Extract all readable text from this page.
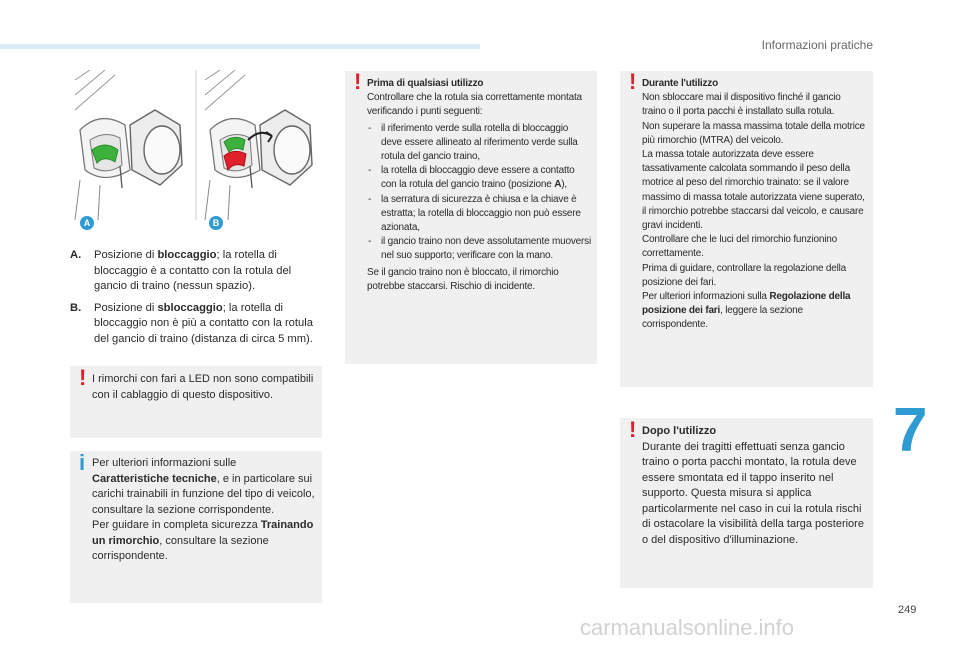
Informazioni pratiche
7
249
carmanualsonline.info
A	B
A.	Posizione di bloccaggio; la rotella di bloccaggio è a contatto con la rotula del gancio di traino (nessun spazio).
B.	Posizione di sbloccaggio; la rotella di bloccaggio non è più a contatto con la rotula del gancio di traino (distanza di circa 5 mm).
! I rimorchi con fari a LED non sono compatibili con il cablaggio di questo dispositivo.

i Per ulteriori informazioni sulle Caratteristiche tecniche, e in particolare sui carichi trainabili in funzione del tipo di veicolo, consultare la sezione corrispondente.

Per guidare in completa sicurezza Trainando un rimorchio, consultare la sezione corrispondente.

! Prima di qualsiasi utilizzo

Controllare che la rotula sia correttamente montata verificando i punti seguenti:

- il riferimento verde sulla rotella di bloccaggio deve essere allineato al riferimento verde sulla rotula del gancio traino,
- la rotella di bloccaggio deve essere a contatto con la rotula del gancio traino (posizione A),
- la serratura di sicurezza è chiusa e la chiave è estratta; la rotella di bloccaggio non può essere azionata,
- il gancio traino non deve assolutamente muoversi nel suo supporto; verificare con la mano.

Se il gancio traino non è bloccato, il rimorchio potrebbe staccarsi. Rischio di incidente.

! Durante l'utilizzo

Non sbloccare mai il dispositivo finché il gancio traino o il porta pacchi è installato sulla rotula.

Non superare la massa massima totale della motrice più rimorchio (MTRA) del veicolo.

La massa totale autorizzata deve essere tassativamente calcolata sommando il peso della motrice al peso del rimorchio trainato: se il valore massimo di massa totale autorizzata viene superato, il rimorchio potrebbe staccarsi dal veicolo, e causare gravi incidenti.

Controllare che le luci del rimorchio funzionino correttamente.

Prima di guidare, controllare la regolazione della posizione dei fari.

Per ulteriori informazioni sulla Regolazione della posizione dei fari, leggere la sezione corrispondente.

! Dopo l'utilizzo

Durante dei tragitti effettuati senza gancio traino o porta pacchi montato, la rotula deve essere smontata ed il tappo inserito nel supporto. Questa misura si applica particolarmente nel caso in cui la rotula rischi di ostacolare la visibilità della targa posteriore o del dispositivo d'illuminazione.
